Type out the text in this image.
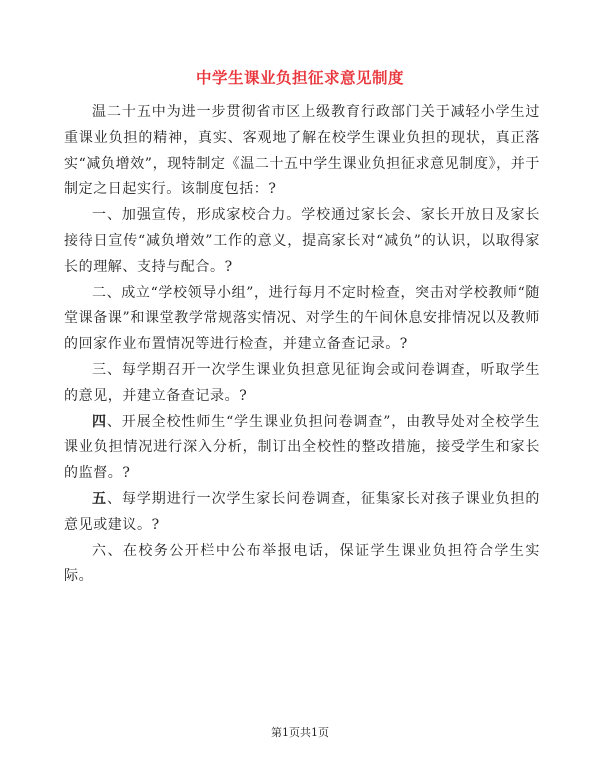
中学生课业负担征求意见制度

温二十五中为进一步贯彻省市区上级教育行政部门关于减轻小学生过重课业负担的精神，真实、客观地了解在校学生课业负担的现状，真正落实“减负增效”，现特制定《温二十五中学生课业负担征求意见制度》，并于制定之日起实行。该制度包括：?

一、加强宣传，形成家校合力。学校通过家长会、家长开放日及家长接待日宣传“减负增效”工作的意义，提高家长对“减负”的认识，以取得家长的理解、支持与配合。?

二、成立“学校领导小组”，进行每月不定时检查，突击对学校教师“随堂课备课”和课堂教学常规落实情况、对学生的午间休息安排情况以及教师的回家作业布置情况等进行检查，并建立备查记录。?

三、每学期召开一次学生课业负担意见征询会或问卷调查，听取学生的意见，并建立备查记录。?

四、开展全校性师生“学生课业负担问卷调查”，由教导处对全校学生课业负担情况进行深入分析，制订出全校性的整改措施，接受学生和家长的监督。?

五、每学期进行一次学生家长问卷调查，征集家长对孩子课业负担的意见或建议。?

六、在校务公开栏中公布举报电话，保证学生课业负担符合学生实际。

第1页共1页
